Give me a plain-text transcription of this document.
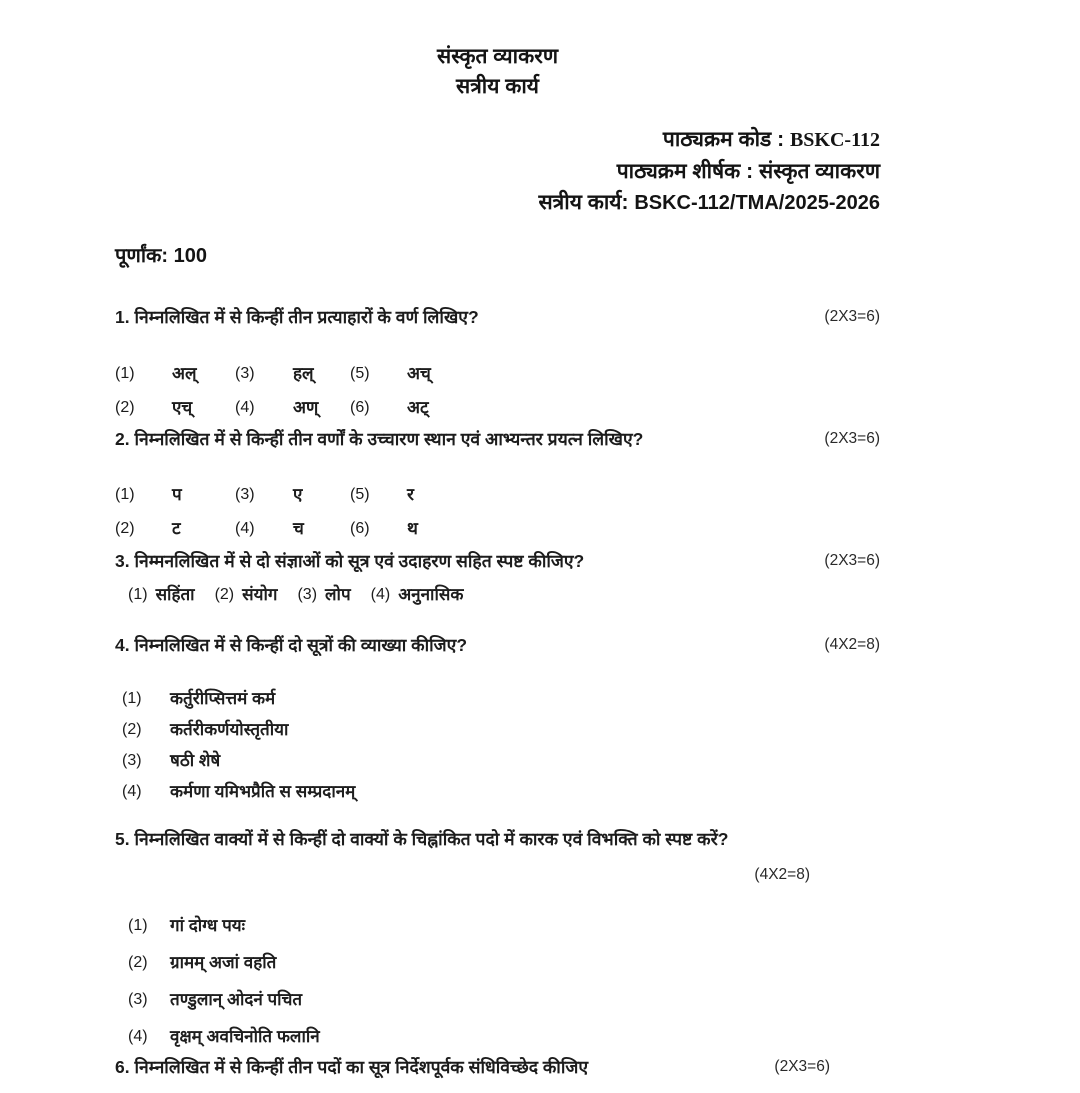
संस्कृत व्याकरण
सत्रीय कार्य
पाठ्यक्रम कोड : BSKC-112
पाठ्यक्रम शीर्षक : संस्कृत व्याकरण
सत्रीय कार्य: BSKC-112/TMA/2025-2026
पूर्णांक: 100
1. निम्नलिखित में से किन्हीं तीन प्रत्याहारों के वर्ण लिखिए?	(2X3=6)
(1)	अल्	(3)	हल्	(5)	अच्
(2)	एच्	(4)	अण्	(6)	अट्
2. निम्नलिखित में से किन्हीं तीन वर्णों के उच्चारण स्थान एवं आभ्यन्तर प्रयत्न लिखिए?	(2X3=6)
(1)	प	(3)	ए	(5)	र
(2)	ट	(4)	च	(6)	थ
3. निम्मनलिखित में से दो संज्ञाओं को सूत्र एवं उदाहरण सहित स्पष्ट कीजिए?	(2X3=6)
(1) सहिंता (2) संयोग (3) लोप (4) अनुनासिक
4. निम्नलिखित में से किन्हीं दो सूत्रों की व्याख्या कीजिए?	(4X2=8)
(1)	कर्तुरीप्सित्तमं कर्म
(2)	कर्तरीकर्णयोस्तृतीया
(3)	षठी शेषे
(4)	कर्मणा यमिभप्रैति स सम्प्रदानम्
5. निम्नलिखित वाक्यों में से किन्हीं दो वाक्यों के चिह्नांकित पदो में कारक एवं विभक्ति को स्पष्ट करें?
(4X2=8)
(1)	गां दोग्ध पयः
(2)	ग्रामम् अजां वहति
(3)	तण्डुलान् ओदनं पचित
(4)	वृक्षम् अवचिनोति फलानि
6. निम्नलिखित में से किन्हीं तीन पदों का सूत्र निर्देशपूर्वक संधिविच्छेद कीजिए	(2X3=6)
